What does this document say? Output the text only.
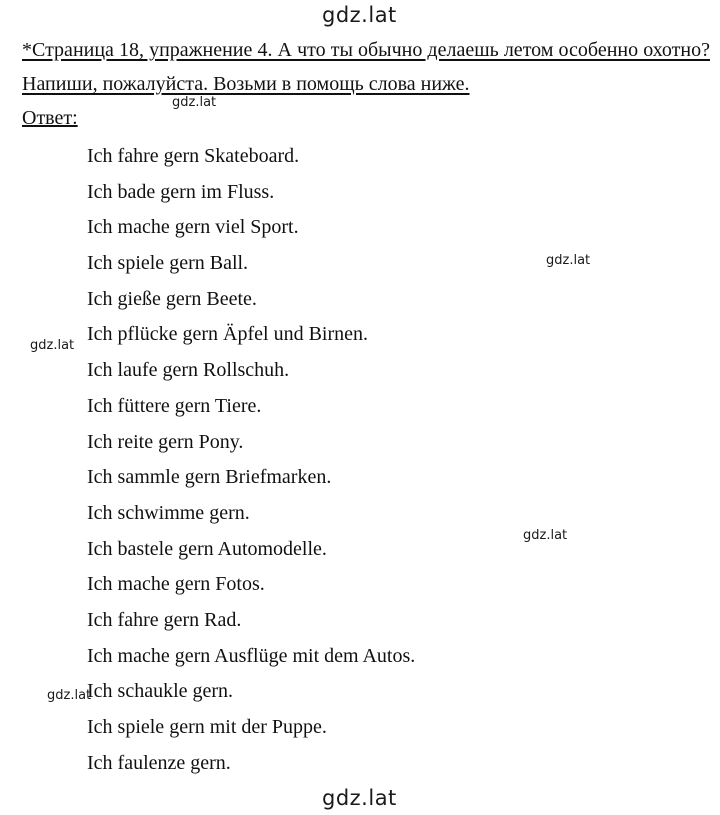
gdz.lat

*Страница 18, упражнение 4. А что ты обычно делаешь летом особенно охотно? Напиши, пожалуйста. Возьми в помощь слова ниже.

gdz.lat

Ответ:

Ich fahre gern Skateboard.
Ich bade gern im Fluss.
Ich mache gern viel Sport.
Ich spiele gern Ball.
Ich gieße gern Beete.
Ich pflücke gern Äpfel und Birnen.
Ich laufe gern Rollschuh.
Ich füttere gern Tiere.
Ich reite gern Pony.
Ich sammle gern Briefmarken.
Ich schwimme gern.
Ich bastele gern Automodelle.
Ich mache gern Fotos.
Ich fahre gern Rad.
Ich mache gern Ausflüge mit dem Autos.
Ich schaukle gern.
Ich spiele gern mit der Puppe.
Ich faulenze gern.
gdz.lat
gdz.lat
gdz.lat
gdz.lat
gdz.lat
